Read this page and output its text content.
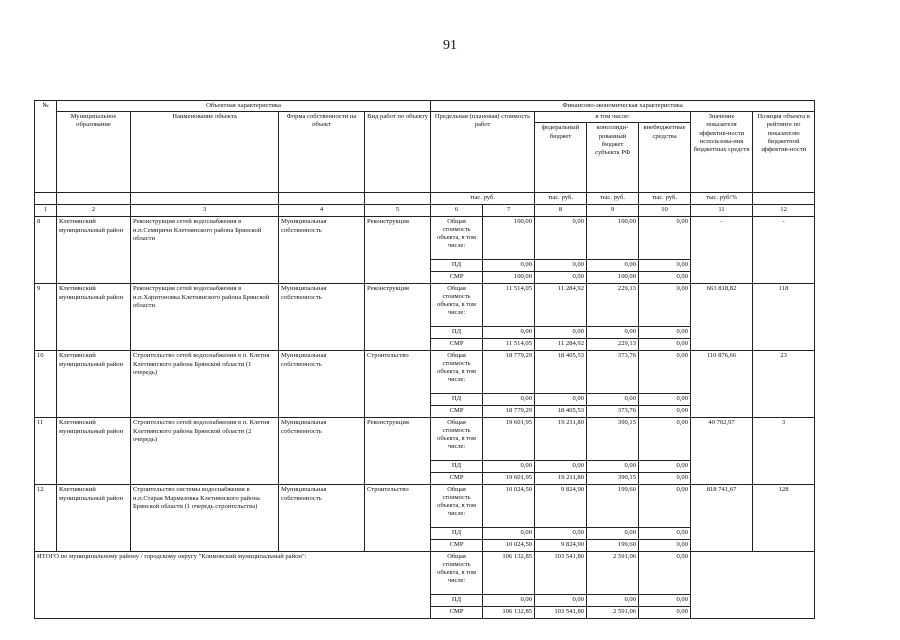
91
№	Объектная характеристика				Финансово-экономическая характеристика						
	Муниципальное образование	Наименование объекта	Форма собственности на объект	Вид работ по объекту	Предельная (плановая) стоимость работ		в том числе:			Значение показателя эффектив-ности использова-ния бюджетных средств	Позиция объекта в рейтинге по показателю бюджетной эффектив-ности
							федеральный бюджет	консолиди-рованный бюджет субъекта РФ	внебюджетные средства		
					тыс. руб.		тыс. руб.	тыс. руб.	тыс. руб.	тыс. руб/%	
1	2	3	4	5	6	7	8	9	10	11	12
8	Клетнянский муниципальный район	Реконструкция сетей водоснабжения в н.п.Семиричи Клетнянского района Брянской области	Муниципальная собственность	Реконструкция	Общая стоимость объекта, в том числе:	100,00	0,00	100,00	0,00	-	-
					ПД	0,00	0,00	0,00	0,00		
					СМР	100,00	0,00	100,00	0,00		
9	Клетнянский муниципальный район	Реконструкция сетей водоснабжения в н.п.Харитоновка Клетнянского района Брянской области	Муниципальная собственность	Реконструкция	Общая стоимость объекта, в том числе:	11 514,05	11 284,92	229,13	0,00	663 818,82	118
					ПД	0,00	0,00	0,00	0,00		
					СМР	11 514,05	11 284,92	229,13	0,00		
10	Клетнянский муниципальный район	Строительство сетей водоснабжения в п. Клетня Клетнянского района Брянской области (1 очередь)	Муниципальная собственность	Строительство	Общая стоимость объекта, в том числе:	18 779,29	18 405,53	373,76	0,00	110 876,66	23
					ПД	0,00	0,00	0,00	0,00		
					СМР	18 779,29	18 405,53	373,76	0,00		
11	Клетнянский муниципальный район	Строительство сетей водоснабжения в п. Клетня Клетнянского района Брянской области (2 очередь)	Муниципальная собственность	Реконструкция	Общая стоимость объекта, в том числе:	19 601,95	19 211,80	390,15	0,00	40 702,97	3
					ПД	0,00	0,00	0,00	0,00		
					СМР	19 601,95	19 211,80	390,15	0,00		
12	Клетнянский муниципальный район	Строительство системы водоснабжения в н.п.Старая Мармазовка Клетнянского района Брянской области (1 очередь строительства)	Муниципальная собственность	Строительство	Общая стоимость объекта, в том числе:	10 024,50	9 824,90	199,60	0,00	818 741,67	128
					ПД	0,00	0,00	0,00	0,00		
					СМР	10 024,50	9 824,90	199,60	0,00		
ИТОГО по муниципальному району / городскому округу "Климовский муниципальный район":					Общая стоимость объекта, в том числе:	106 132,85	103 541,80	2 591,06	0,00		
					ПД	0,00	0,00	0,00	0,00		
					СМР	106 132,85	103 541,80	2 591,06	0,00		
